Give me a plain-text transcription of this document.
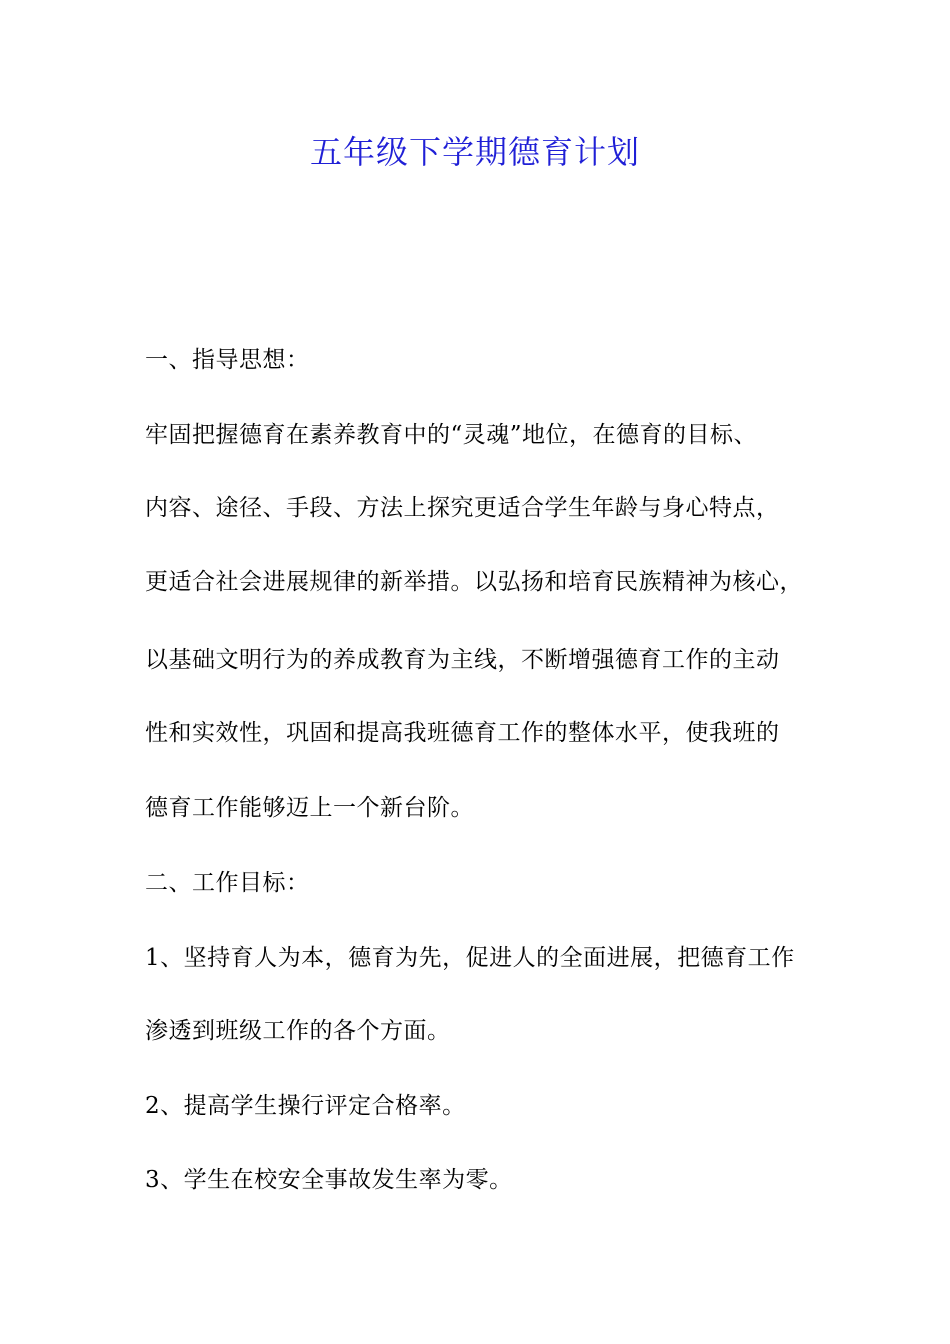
五年级下学期德育计划
一、指导思想：
牢固把握德育在素养教育中的“灵魂”地位，在德育的目标、
内容、途径、手段、方法上探究更适合学生年龄与身心特点，
更适合社会进展规律的新举措。以弘扬和培育民族精神为核心，
以基础文明行为的养成教育为主线，不断增强德育工作的主动
性和实效性，巩固和提高我班德育工作的整体水平，使我班的
德育工作能够迈上一个新台阶。
二、工作目标：
1、坚持育人为本，德育为先，促进人的全面进展，把德育工作
渗透到班级工作的各个方面。
2、提高学生操行评定合格率。
3、学生在校安全事故发生率为零。
